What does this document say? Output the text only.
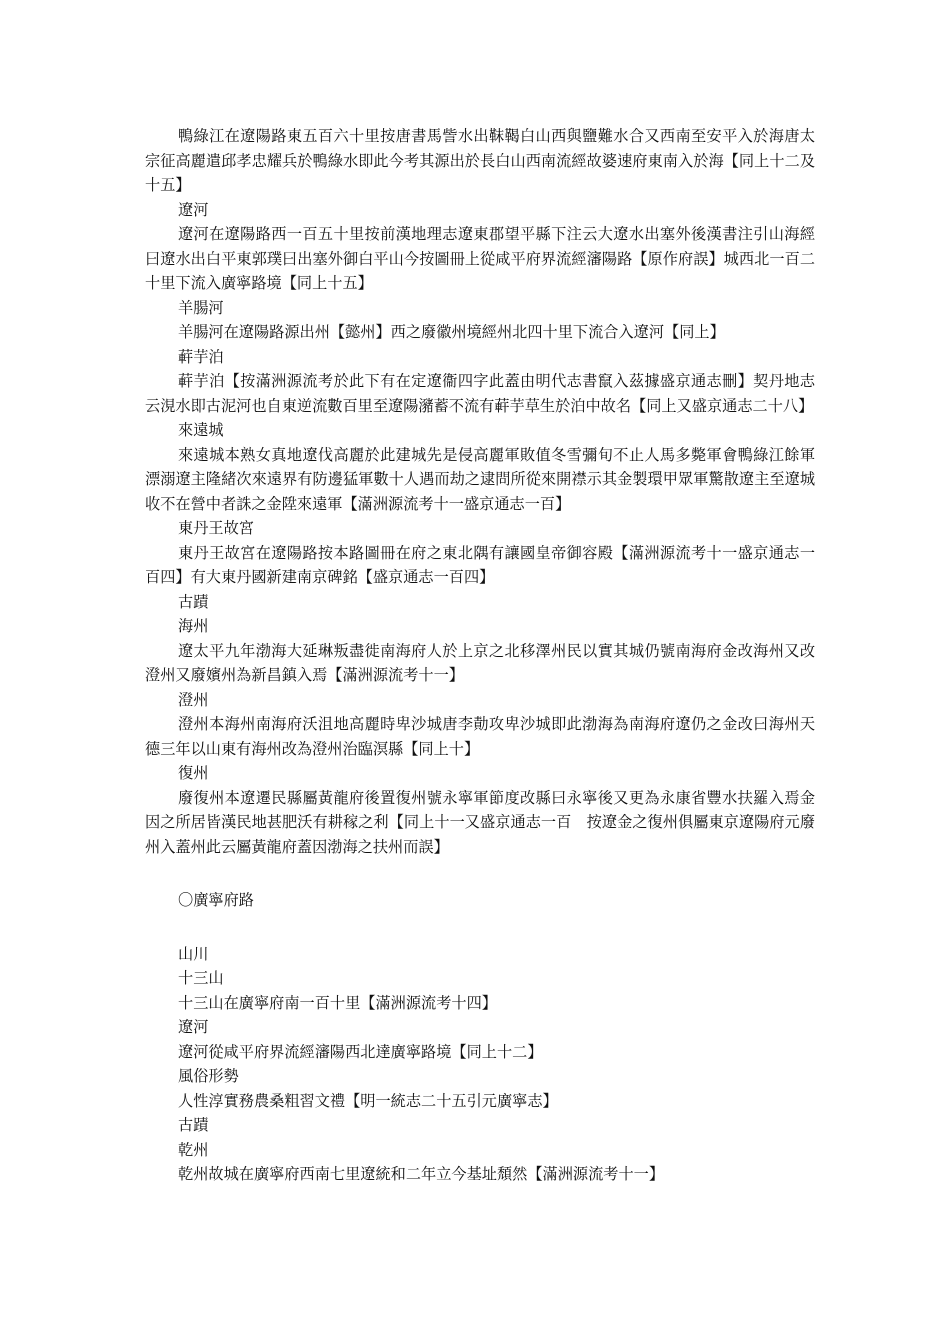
鴨綠江在遼陽路東五百六十里按唐書馬訾水出靺鞨白山西與鹽難水合又西南至安平入於海唐太宗征高麗遣邱孝忠耀兵於鴨綠水即此今考其源出於長白山西南流經故婆速府東南入於海【同上十二及十五】
遼河
遼河在遼陽路西一百五十里按前漢地理志遼東郡望平縣下注云大遼水出塞外後漢書注引山海經曰遼水出白平東郭璞曰出塞外御白平山今按圖冊上從咸平府界流經瀋陽路【原作府誤】城西北一百二十里下流入廣寧路境【同上十五】
羊腸河
羊腸河在遼陽路源出州【懿州】西之廢徽州境經州北四十里下流合入遼河【同上】
蓒芋泊
蓒芋泊【按滿洲源流考於此下有在定遼衞四字此蓋由明代志書竄入茲據盛京通志刪】契丹地志云涀水即古泥河也自東逆流數百里至遼陽瀦蓄不流有蓒芋草生於泊中故名【同上又盛京通志二十八】
來遠城
來遠城本熟女真地遼伐高麗於此建城先是侵高麗軍敗值冬雪彌旬不止人馬多斃軍會鴨綠江餘軍漂溺遼主隆緒次來遠界有防邊猛軍數十人遇而劫之逮問所從來開襟示其金製環甲眾軍驚散遼主至遼城收不在營中者誅之金陞來遠軍【滿洲源流考十一盛京通志一百】
東丹王故宮
東丹王故宮在遼陽路按本路圖冊在府之東北隅有讓國皇帝御容殿【滿洲源流考十一盛京通志一百四】有大東丹國新建南京碑銘【盛京通志一百四】
古蹟
海州
遼太平九年渤海大延琳叛盡徙南海府人於上京之北移澤州民以實其城仍號南海府金改海州又改澄州又廢嬪州為新昌鎮入焉【滿洲源流考十一】
澄州
澄州本海州南海府沃沮地高麗時卑沙城唐李勣攻卑沙城即此渤海為南海府遼仍之金改曰海州天德三年以山東有海州改為澄州治臨溟縣【同上十】
復州
廢復州本遼遷民縣屬黃龍府後置復州號永寧軍節度改縣曰永寧後又更為永康省豐水扶羅入焉金因之所居皆漢民地甚肥沃有耕稼之利【同上十一又盛京通志一百　按遼金之復州俱屬東京遼陽府元廢州入蓋州此云屬黃龍府蓋因渤海之扶州而誤】
〇廣寧府路
山川
十三山
十三山在廣寧府南一百十里【滿洲源流考十四】
遼河
遼河從咸平府界流經瀋陽西北達廣寧路境【同上十二】
風俗形勢
人性淳實務農桑粗習文禮【明一統志二十五引元廣寧志】
古蹟
乾州
乾州故城在廣寧府西南七里遼統和二年立今基址頹然【滿洲源流考十一】
